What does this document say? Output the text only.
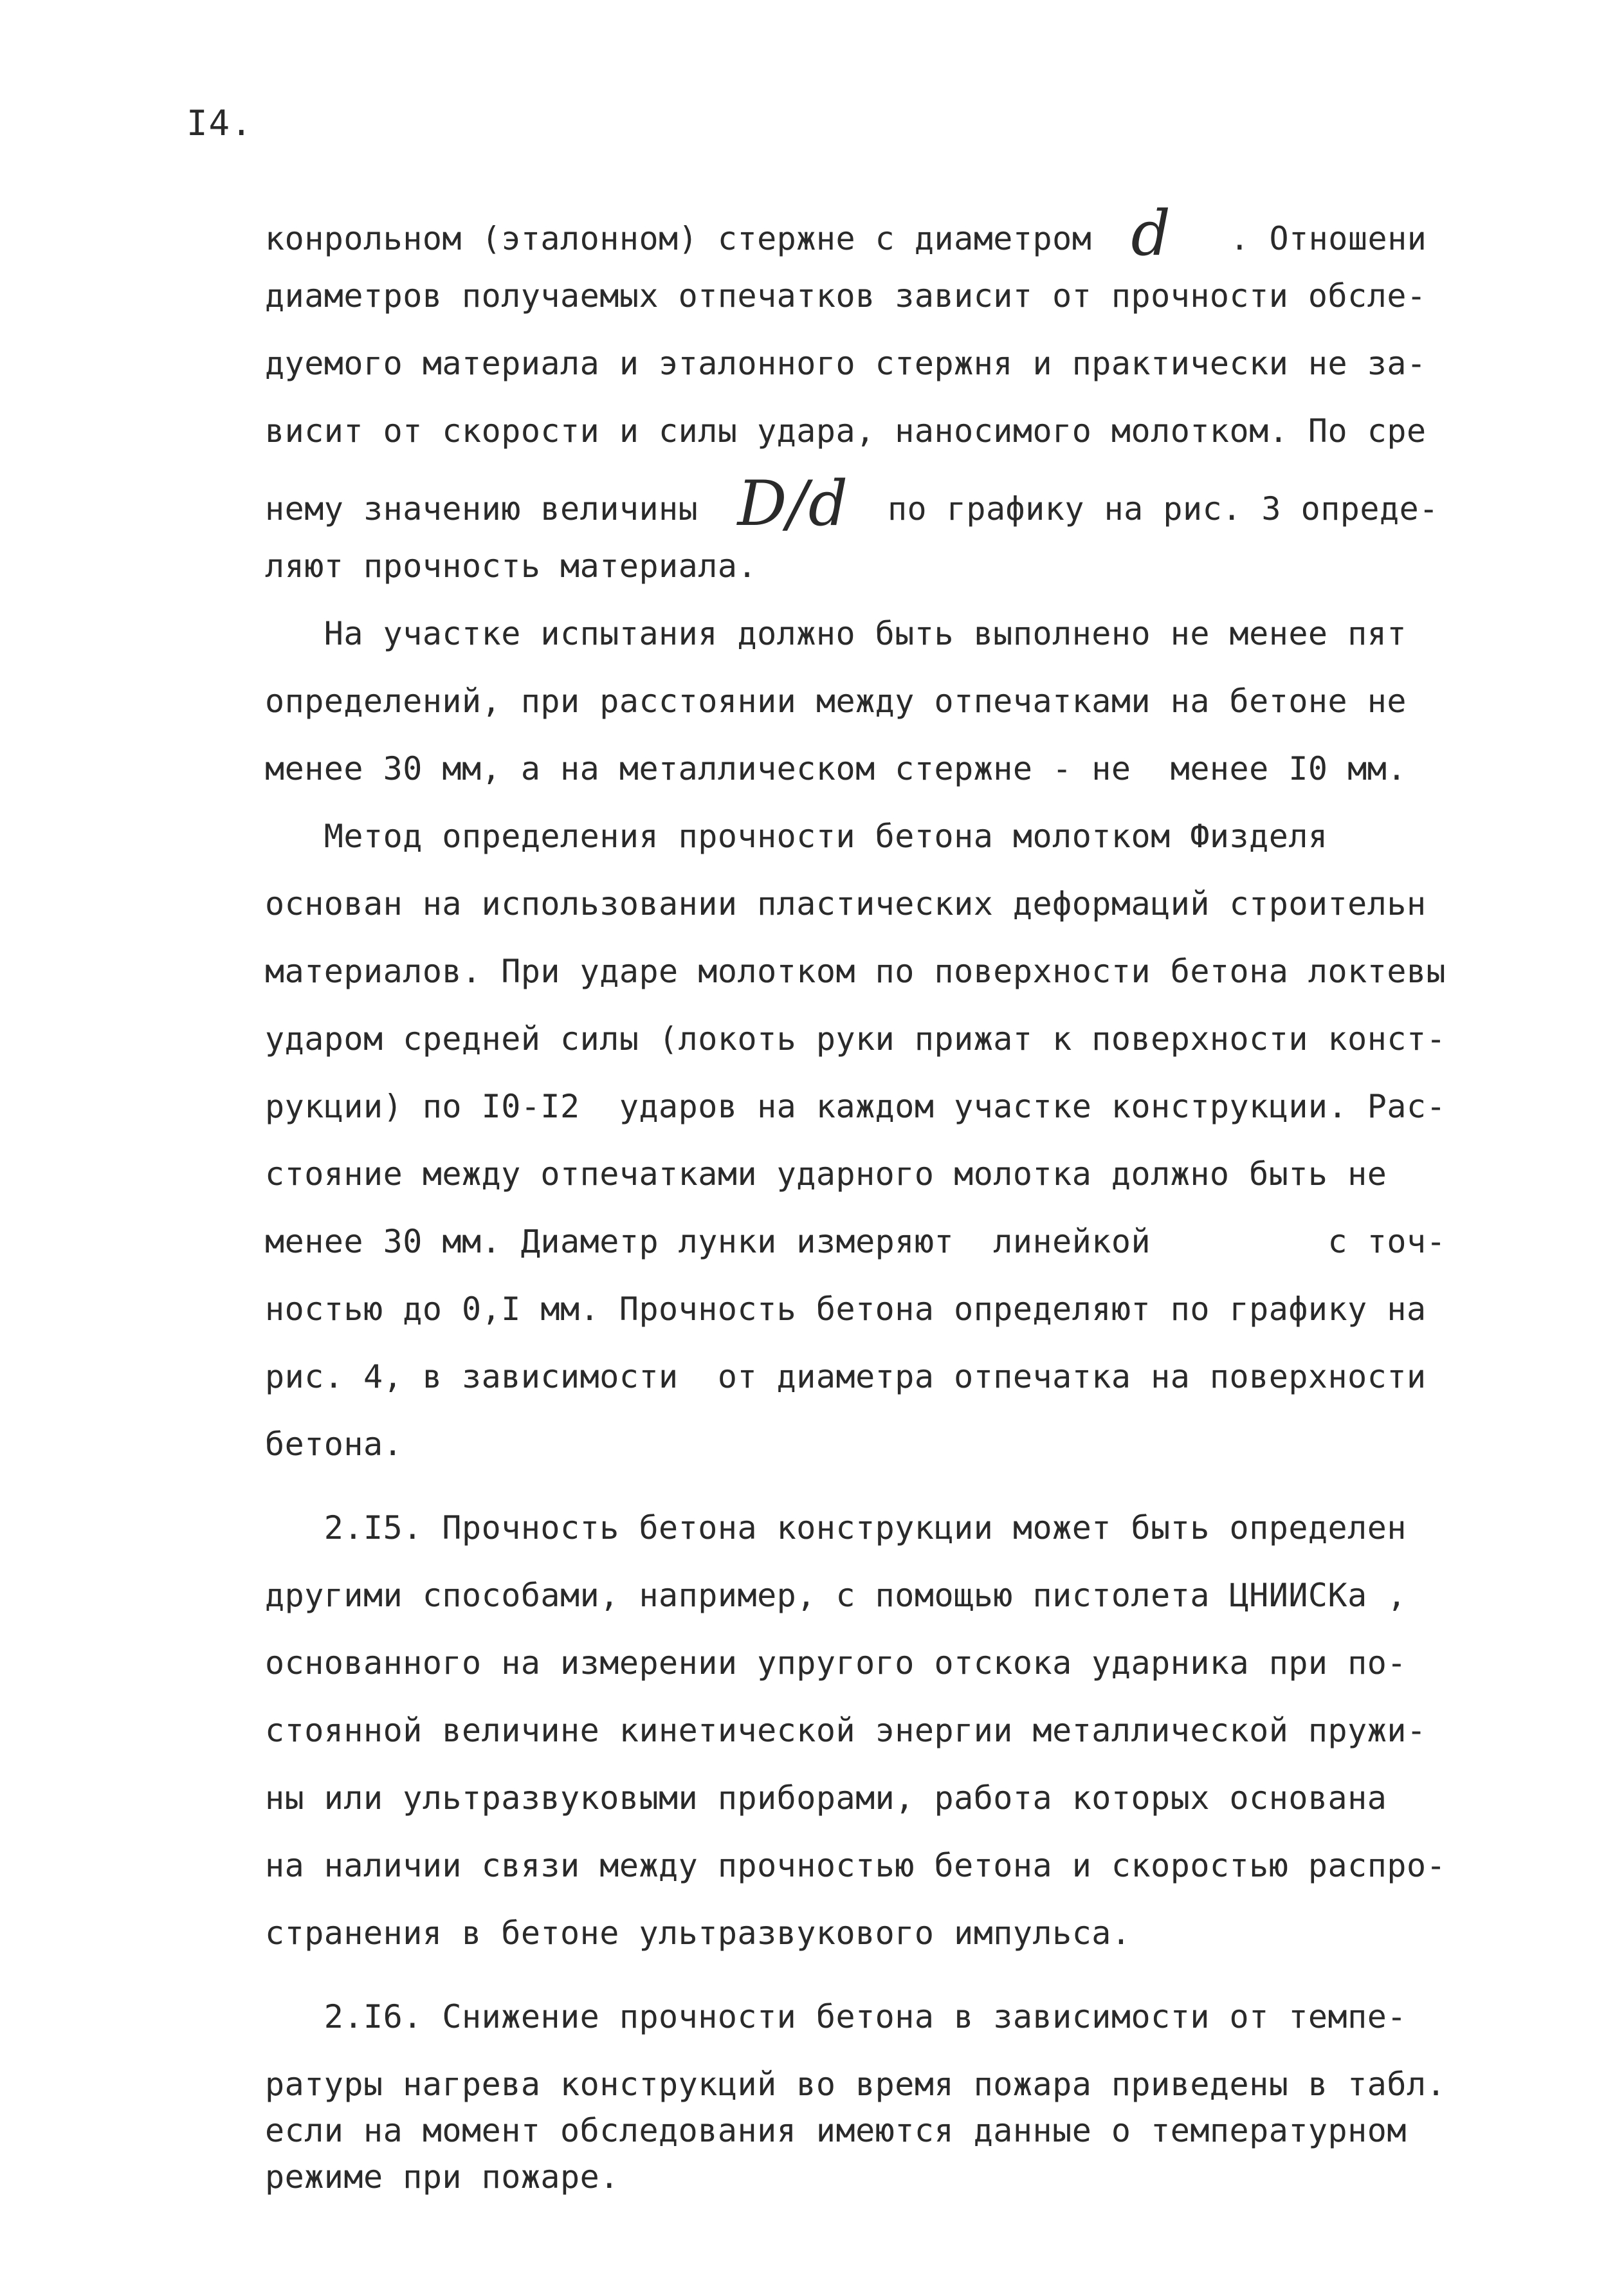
I4.
конрольном (эталонном) стержне с диаметром  d   . Отношени
диаметров получаемых отпечатков зависит от прочности обсле-
дуемого материала и эталонного стержня и практически не за-
висит от скорости и силы удара, наносимого молотком. По сре
нему значению величины  D/d  по графику на рис. 3 опреде-
ляют прочность материала.
На участке испытания должно быть выполнено не менее пят
определений, при расстоянии между отпечатками на бетоне не
менее 30 мм, а на металлическом стержне - не  менее I0 мм.
Метод определения прочности бетона молотком Физделя
основан на использовании пластических деформаций строительн
материалов. При ударе молотком по поверхности бетона локтевы
ударом средней силы (локоть руки прижат к поверхности конст-
рукции) по I0-I2  ударов на каждом участке конструкции. Рас-
стояние между отпечатками ударного молотка должно быть не
менее 30 мм. Диаметр лунки измеряют  линейкой         с точ-
ностью до 0,I мм. Прочность бетона определяют по графику на
рис. 4, в зависимости  от диаметра отпечатка на поверхности
бетона.
2.I5. Прочность бетона конструкции может быть определен
другими способами, например, с помощью пистолета ЦНИИСКа ,
основанного на измерении упругого отскока ударника при по-
стоянной величине кинетической энергии металлической пружи-
ны или ультразвуковыми приборами, работа которых основана
на наличии связи между прочностью бетона и скоростью распро-
странения в бетоне ультразвукового импульса.
2.I6. Снижение прочности бетона в зависимости от темпе-
ратуры нагрева конструкций во время пожара приведены в табл.
если на момент обследования имеются данные о температурном
режиме при пожаре.
